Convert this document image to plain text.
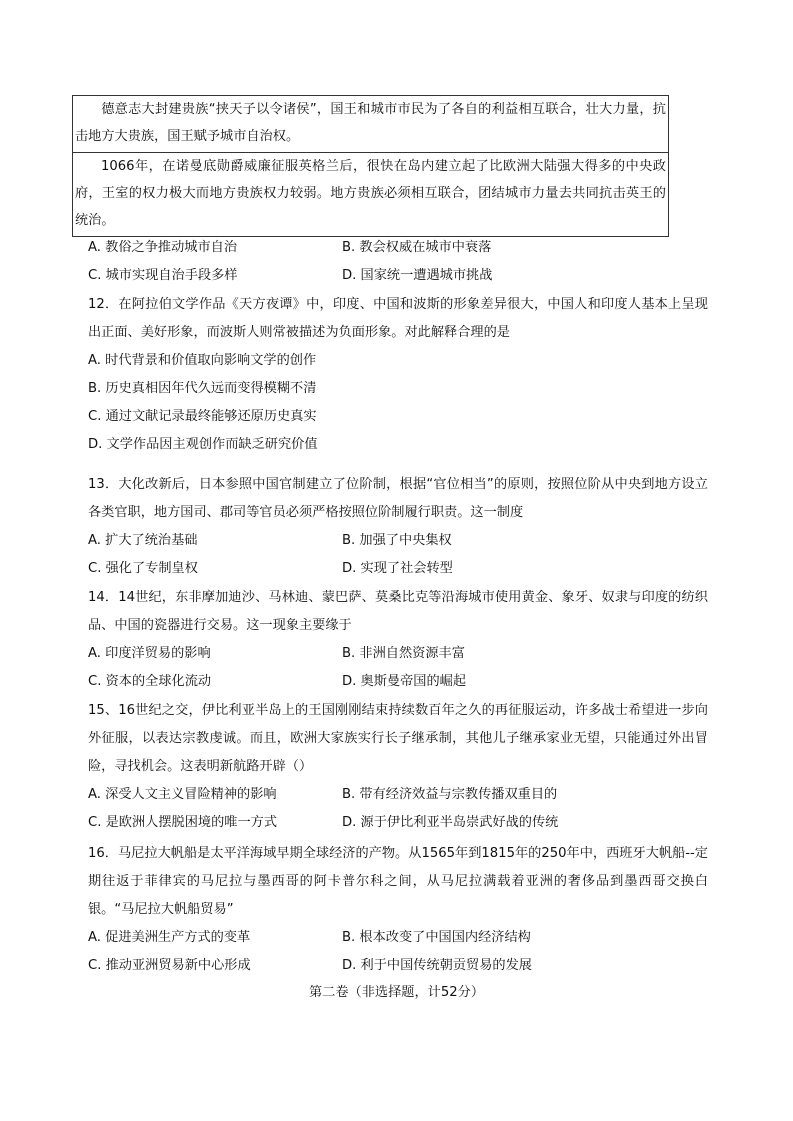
德意志大封建贵族“挟天子以令诸侯”，国王和城市市民为了各自的利益相互联合，壮大力量，抗击地方大贵族，国王赋予城市自治权。
1066年，在诺曼底勋爵威廉征服英格兰后，很快在岛内建立起了比欧洲大陆强大得多的中央政府，王室的权力极大而地方贵族权力较弱。地方贵族必须相互联合，团结城市力量去共同抗击英王的统治。
A. 教俗之争推动城市自治	B. 教会权威在城市中衰落
C. 城市实现自治手段多样	D. 国家统一遭遇城市挑战
12．在阿拉伯文学作品《天方夜谭》中，印度、中国和波斯的形象差异很大，中国人和印度人基本上呈现出正面、美好形象，而波斯人则常被描述为负面形象。对此解释合理的是
A. 时代背景和价值取向影响文学的创作
B. 历史真相因年代久远而变得模糊不清
C. 通过文献记录最终能够还原历史真实
D. 文学作品因主观创作而缺乏研究价值
13．大化改新后，日本参照中国官制建立了位阶制，根据“官位相当”的原则，按照位阶从中央到地方设立各类官职，地方国司、郡司等官员必须严格按照位阶制履行职责。这一制度
A. 扩大了统治基础	B. 加强了中央集权
C. 强化了专制皇权	D. 实现了社会转型
14．14世纪，东非摩加迪沙、马林迪、蒙巴萨、莫桑比克等沿海城市使用黄金、象牙、奴隶与印度的纺织品、中国的瓷器进行交易。这一现象主要缘于
A. 印度洋贸易的影响	B. 非洲自然资源丰富
C. 资本的全球化流动	D. 奥斯曼帝国的崛起
15、16世纪之交，伊比利亚半岛上的王国刚刚结束持续数百年之久的再征服运动，许多战士希望进一步向外征服，以表达宗教虔诚。而且，欧洲大家族实行长子继承制，其他儿子继承家业无望，只能通过外出冒险，寻找机会。这表明新航路开辟（）
A. 深受人文主义冒险精神的影响	B. 带有经济效益与宗教传播双重目的
C. 是欧洲人摆脱困境的唯一方式	D. 源于伊比利亚半岛崇武好战的传统
16．马尼拉大帆船是太平洋海域早期全球经济的产物。从1565年到1815年的250年中，西班牙大帆船--定期往返于菲律宾的马尼拉与墨西哥的阿卡普尔科之间，从马尼拉满载着亚洲的奢侈品到墨西哥交换白银。“马尼拉大帆船贸易”
A. 促进美洲生产方式的变革	B. 根本改变了中国国内经济结构
C. 推动亚洲贸易新中心形成	D. 利于中国传统朝贡贸易的发展
第二卷（非选择题，计52分）
